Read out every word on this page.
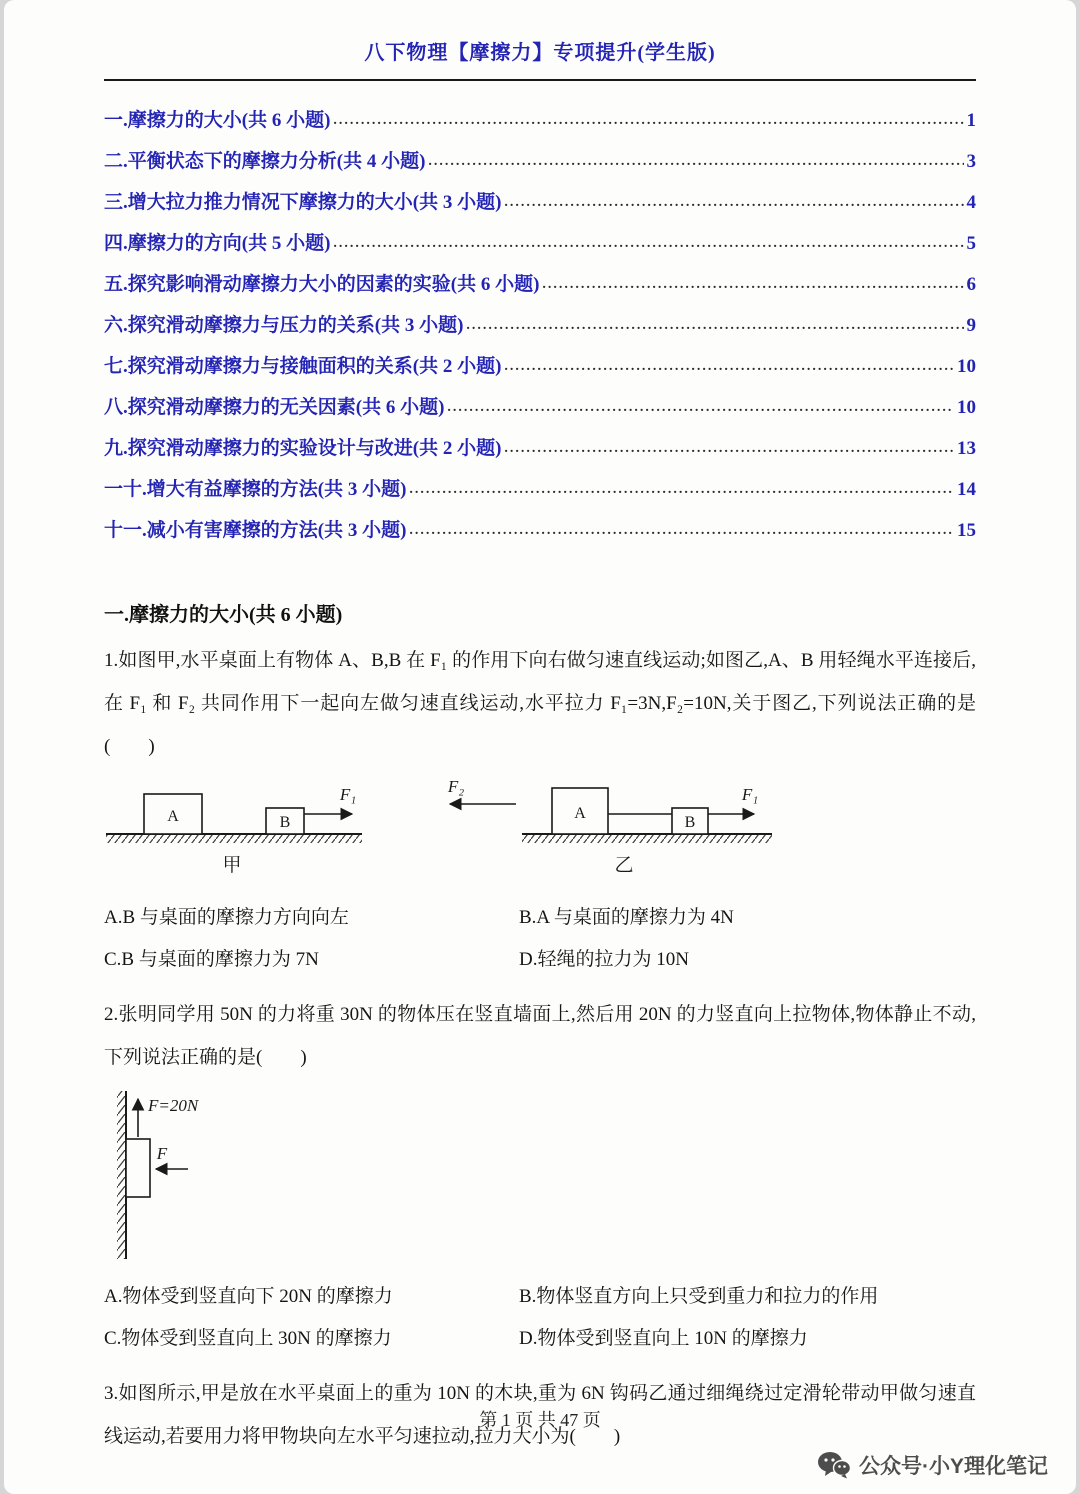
八下物理【摩擦力】专项提升(学生版)
一.摩擦力的大小(共 6 小题) .....	1
二.平衡状态下的摩擦力分析(共 4 小题) .....	3
三.增大拉力推力情况下摩擦力的大小(共 3 小题) .....	4
四.摩擦力的方向(共 5 小题) .....	5
五.探究影响滑动摩擦力大小的因素的实验(共 6 小题) .....	6
六.探究滑动摩擦力与压力的关系(共 3 小题) .....	9
七.探究滑动摩擦力与接触面积的关系(共 2 小题) .....	10
八.探究滑动摩擦力的无关因素(共 6 小题) .....	10
九.探究滑动摩擦力的实验设计与改进(共 2 小题) .....	13
一十.增大有益摩擦的方法(共 3 小题) .....	14
十一.减小有害摩擦的方法(共 3 小题) .....	15
一.摩擦力的大小(共 6 小题)

1.如图甲,水平桌面上有物体 A、B,B 在 F₁ 的作用下向右做匀速直线运动;如图乙,A、B 用轻绳水平连接后,在 F₁ 和 F₂ 共同作用下一起向左做匀速直线运动,水平拉力 F₁=3N,F₂=10N,关于图乙,下列说法正确的是(　　)

A	B
F₁
甲
F₂
A
B
F₁
乙
A.B 与桌面的摩擦力方向向左	B.A 与桌面的摩擦力为 4N
C.B 与桌面的摩擦力为 7N	D.轻绳的拉力为 10N

2.张明同学用 50N 的力将重 30N 的物体压在竖直墙面上,然后用 20N 的力竖直向上拉物体,物体静止不动,下列说法正确的是(　　)

F=20N
F
A.物体受到竖直向下 20N 的摩擦力	B.物体竖直方向上只受到重力和拉力的作用
C.物体受到竖直向上 30N 的摩擦力	D.物体受到竖直向上 10N 的摩擦力

3.如图所示,甲是放在水平桌面上的重为 10N 的木块,重为 6N 钩码乙通过细绳绕过定滑轮带动甲做匀速直线运动,若要用力将甲物块向左水平匀速拉动,拉力大小为(　　)

第 1 页 共 47 页
公众号·小Y理化笔记
